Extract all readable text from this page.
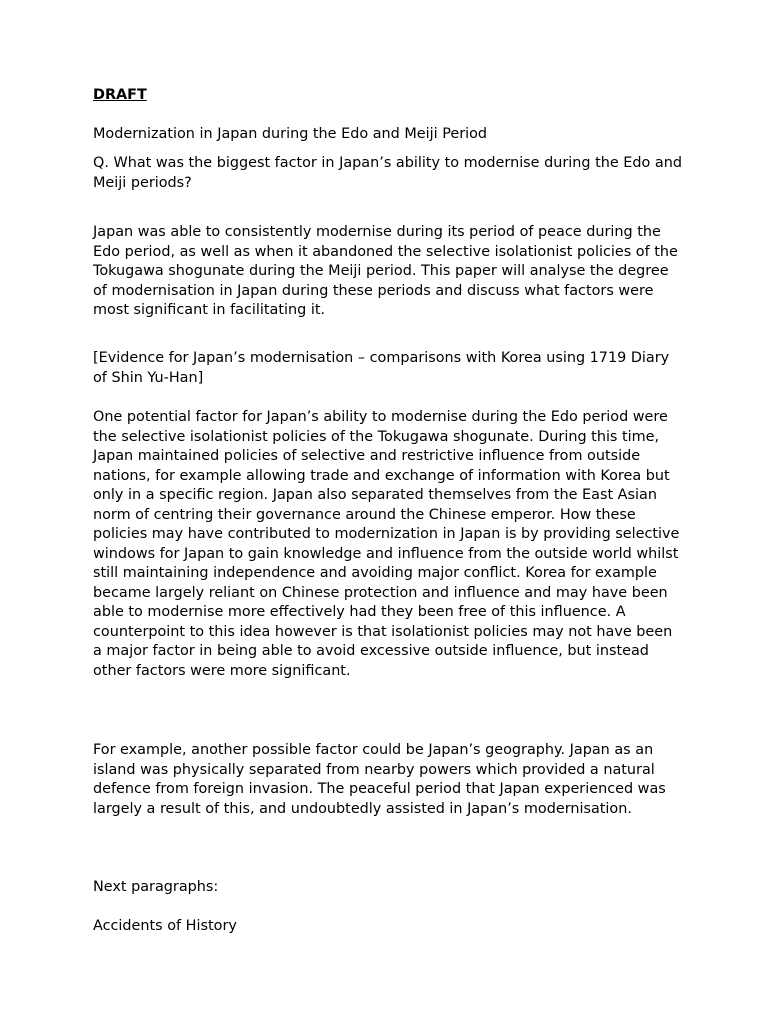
DRAFT

Modernization in Japan during the Edo and Meiji Period

Q. What was the biggest factor in Japan’s ability to modernise during the Edo and Meiji periods?

Japan was able to consistently modernise during its period of peace during the Edo period, as well as when it abandoned the selective isolationist policies of the Tokugawa shogunate during the Meiji period. This paper will analyse the degree of modernisation in Japan during these periods and discuss what factors were most significant in facilitating it.

[Evidence for Japan’s modernisation – comparisons with Korea using 1719 Diary of Shin Yu-Han]

One potential factor for Japan’s ability to modernise during the Edo period were the selective isolationist policies of the Tokugawa shogunate. During this time, Japan maintained policies of selective and restrictive influence from outside nations, for example allowing trade and exchange of information with Korea but only in a specific region. Japan also separated themselves from the East Asian norm of centring their governance around the Chinese emperor. How these policies may have contributed to modernization in Japan is by providing selective windows for Japan to gain knowledge and influence from the outside world whilst still maintaining independence and avoiding major conflict. Korea for example became largely reliant on Chinese protection and influence and may have been able to modernise more effectively had they been free of this influence. A counterpoint to this idea however is that isolationist policies may not have been a major factor in being able to avoid excessive outside influence, but instead other factors were more significant.

For example, another possible factor could be Japan’s geography. Japan as an island was physically separated from nearby powers which provided a natural defence from foreign invasion. The peaceful period that Japan experienced was largely a result of this, and undoubtedly assisted in Japan’s modernisation.

Next paragraphs:

Accidents of History
